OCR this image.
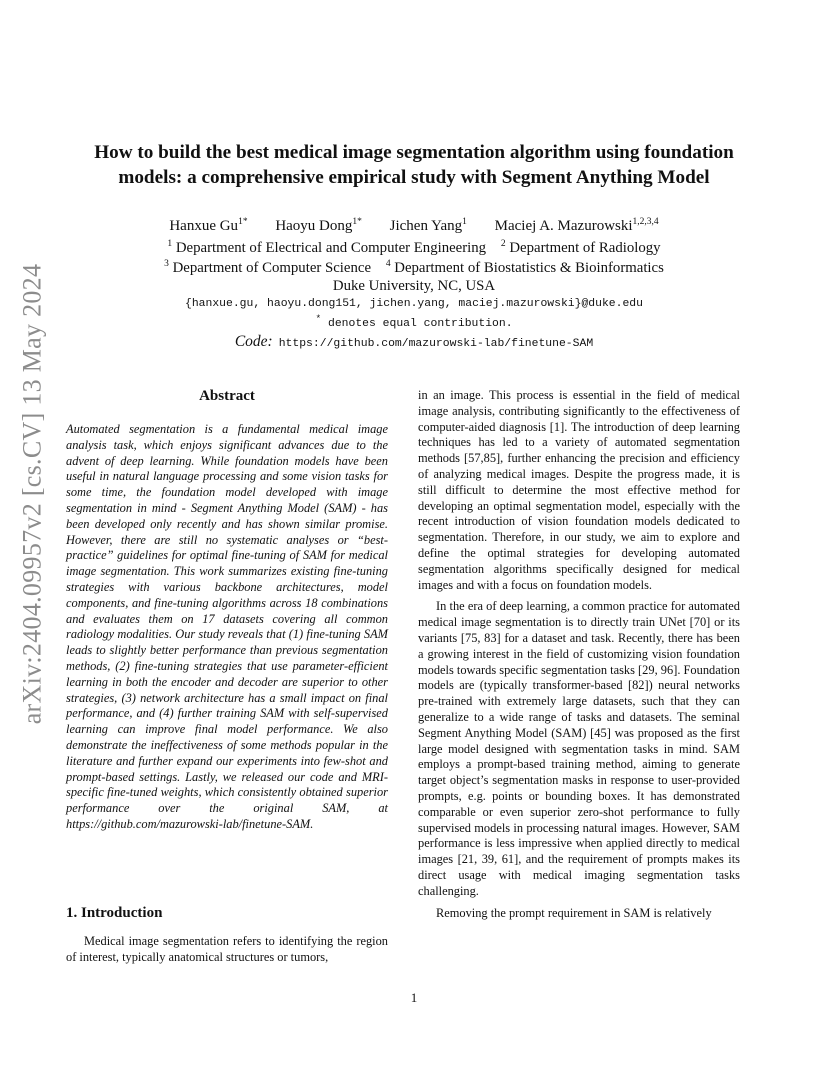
arXiv:2404.09957v2 [cs.CV] 13 May 2024
How to build the best medical image segmentation algorithm using foundation models: a comprehensive empirical study with Segment Anything Model
Hanxue $Gu^{1*}$ Haoyu Dong$^{1*}$ Jichen Yang$^1$ Maciej A. Mazurowski$^{1,2,3,4}$
$^1$ Department of Electrical and Computer Engineering $^2$ Department of Radiology
$^3$ Department of Computer Science $^4$ Department of Biostatistics & Bioinformatics
Duke University, NC, USA
{hanxue.gu, haoyu.dong151, jichen.yang, maciej.mazurowski}@duke.edu
* denotes equal contribution.
Code: https://github.com/mazurowski-lab/finetune-SAM
Abstract

Automated segmentation is a fundamental medical image analysis task, which enjoys significant advances due to the advent of deep learning. While foundation models have been useful in natural language processing and some vision tasks for some time, the foundation model developed with image segmentation in mind - Segment Anything Model (SAM) - has been developed only recently and has shown similar promise. However, there are still no systematic analyses or “best-practice” guidelines for optimal fine-tuning of SAM for medical image segmentation. This work summarizes existing fine-tuning strategies with various backbone architectures, model components, and fine-tuning algorithms across 18 combinations and evaluates them on 17 datasets covering all common radiology modalities. Our study reveals that (1) fine-tuning SAM leads to slightly better performance than previous segmentation methods, (2) fine-tuning strategies that use parameter-efficient learning in both the encoder and decoder are superior to other strategies, (3) network architecture has a small impact on final performance, and (4) further training SAM with self-supervised learning can improve final model performance. We also demonstrate the ineffectiveness of some methods popular in the literature and further expand our experiments into few-shot and prompt-based settings. Lastly, we released our code and MRI-specific fine-tuned weights, which consistently obtained superior performance over the original SAM, at https://github.com/mazurowski-lab/finetune-SAM.

1. Introduction

Medical image segmentation refers to identifying the region of interest, typically anatomical structures or tumors,

in an image. This process is essential in the field of medical image analysis, contributing significantly to the effectiveness of computer-aided diagnosis [1]. The introduction of deep learning techniques has led to a variety of automated segmentation methods [57,85], further enhancing the precision and efficiency of analyzing medical images. Despite the progress made, it is still difficult to determine the most effective method for developing an optimal segmentation model, especially with the recent introduction of vision foundation models dedicated to segmentation. Therefore, in our study, we aim to explore and define the optimal strategies for developing automated segmentation algorithms specifically designed for medical images and with a focus on foundation models.

In the era of deep learning, a common practice for automated medical image segmentation is to directly train UNet [70] or its variants [75, 83] for a dataset and task. Recently, there has been a growing interest in the field of customizing vision foundation models towards specific segmentation tasks [29, 96]. Foundation models are (typically transformer-based [82]) neural networks pre-trained with extremely large datasets, such that they can generalize to a wide range of tasks and datasets. The seminal Segment Anything Model (SAM) [45] was proposed as the first large model designed with segmentation tasks in mind. SAM employs a prompt-based training method, aiming to generate target object’s segmentation masks in response to user-provided prompts, e.g. points or bounding boxes. It has demonstrated comparable or even superior zero-shot performance to fully supervised models in processing natural images. However, SAM performance is less impressive when applied directly to medical images [21, 39, 61], and the requirement of prompts makes its direct usage with medical imaging segmentation tasks challenging.

Removing the prompt requirement in SAM is relatively

1
